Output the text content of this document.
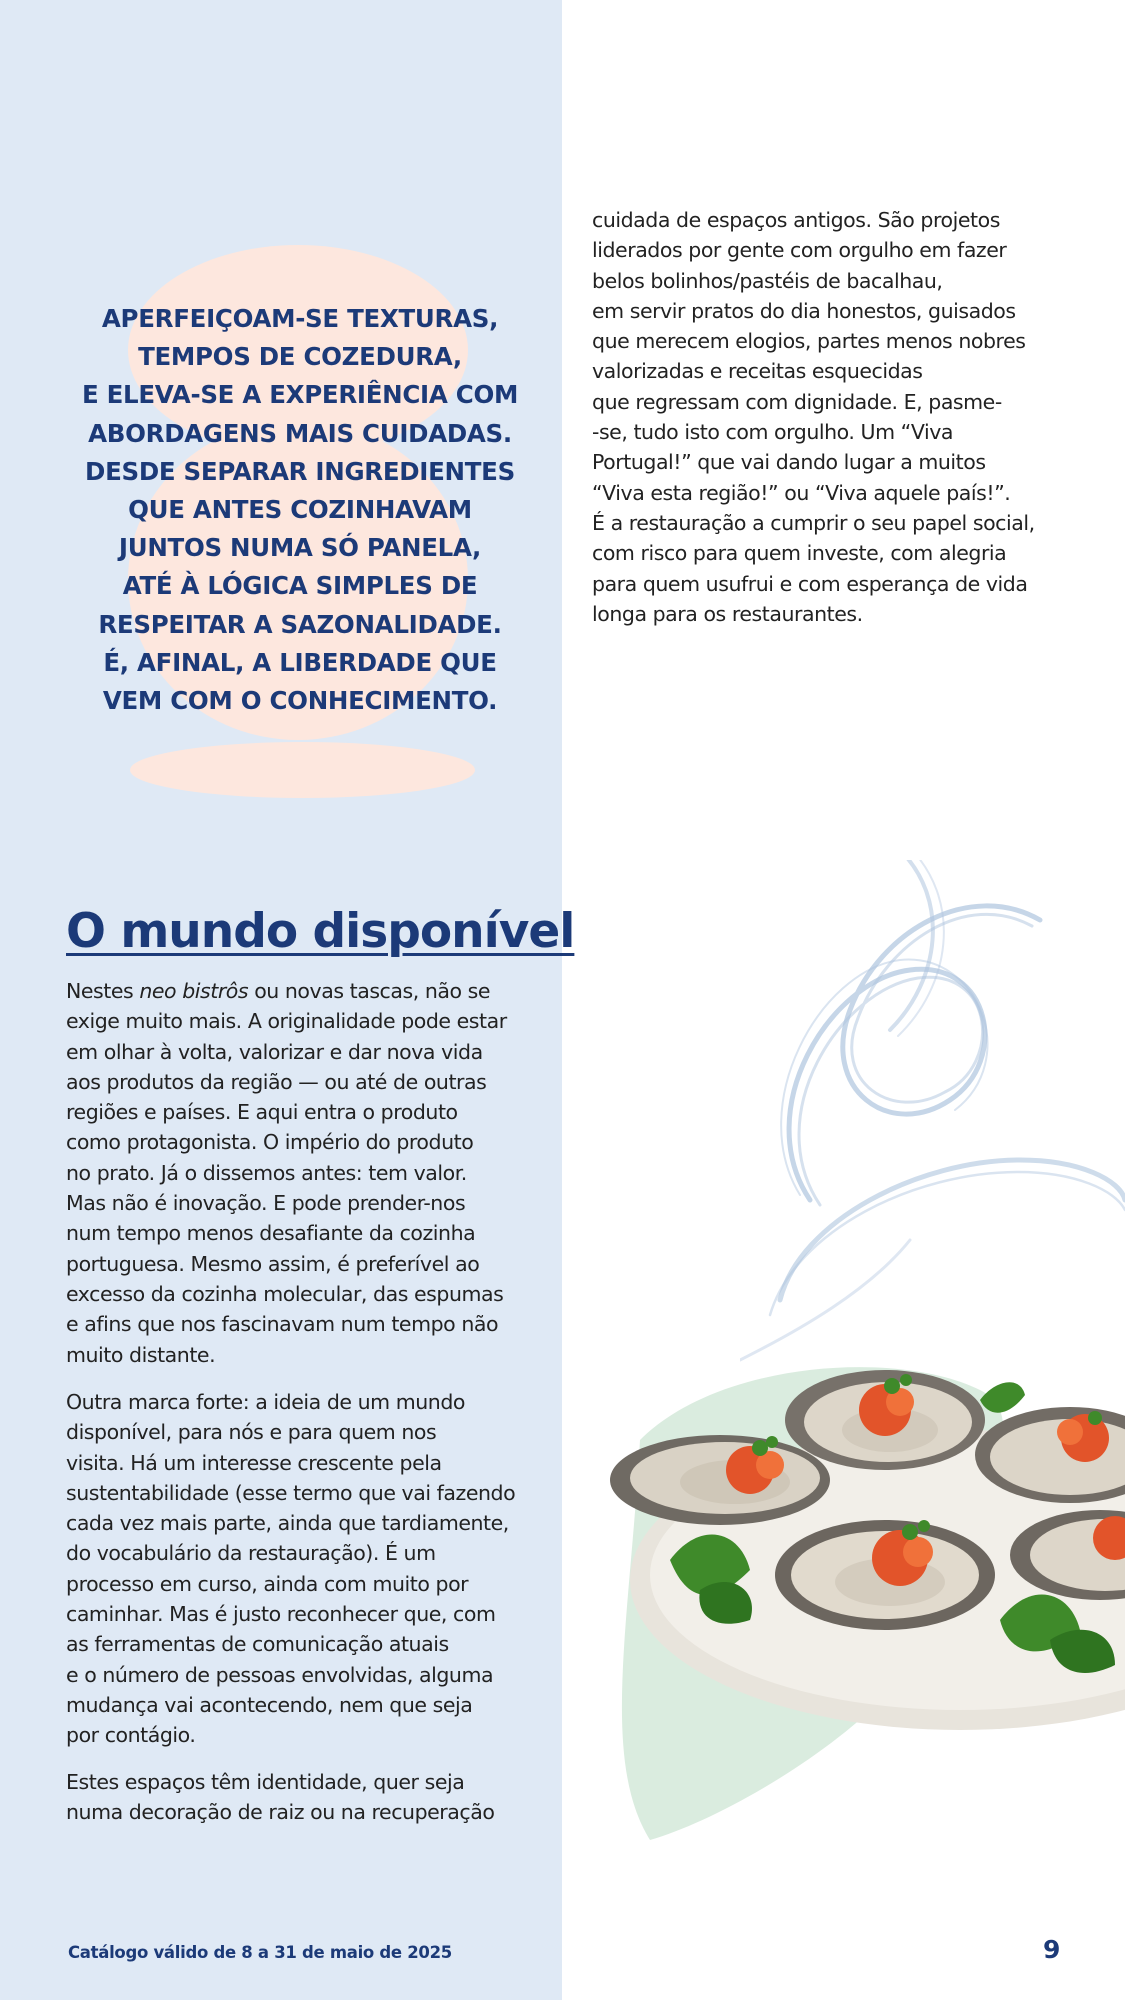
APERFEIÇOAM-SE TEXTURAS,
TEMPOS DE COZEDURA,
E ELEVA-SE A EXPERIÊNCIA COM
ABORDAGENS MAIS CUIDADAS.
DESDE SEPARAR INGREDIENTES
QUE ANTES COZINHAVAM
JUNTOS NUMA SÓ PANELA,
ATÉ À LÓGICA SIMPLES DE
RESPEITAR A SAZONALIDADE.
É, AFINAL, A LIBERDADE QUE
VEM COM O CONHECIMENTO.

cuidada de espaços antigos. São projetos
liderados por gente com orgulho em fazer
belos bolinhos/pastéis de bacalhau,
em servir pratos do dia honestos, guisados
que merecem elogios, partes menos nobres
valorizadas e receitas esquecidas
que regressam com dignidade. E, pasme-
-se, tudo isto com orgulho. Um “Viva
Portugal!” que vai dando lugar a muitos
“Viva esta região!” ou “Viva aquele país!”.
É a restauração a cumprir o seu papel social,
com risco para quem investe, com alegria
para quem usufrui e com esperança de vida
longa para os restaurantes.
O mundo disponível
Nestes neo bistrôs ou novas tascas, não se
exige muito mais. A originalidade pode estar
em olhar à volta, valorizar e dar nova vida
aos produtos da região — ou até de outras
regiões e países. E aqui entra o produto
como protagonista. O império do produto
no prato. Já o dissemos antes: tem valor.
Mas não é inovação. E pode prender-nos
num tempo menos desafiante da cozinha
portuguesa. Mesmo assim, é preferível ao
excesso da cozinha molecular, das espumas
e afins que nos fascinavam num tempo não
muito distante.
Outra marca forte: a ideia de um mundo
disponível, para nós e para quem nos
visita. Há um interesse crescente pela
sustentabilidade (esse termo que vai fazendo
cada vez mais parte, ainda que tardiamente,
do vocabulário da restauração). É um
processo em curso, ainda com muito por
caminhar. Mas é justo reconhecer que, com
as ferramentas de comunicação atuais
e o número de pessoas envolvidas, alguma
mudança vai acontecendo, nem que seja
por contágio.
Estes espaços têm identidade, quer seja
numa decoração de raiz ou na recuperação
Catálogo válido de 8 a 31 de maio de 2025	9
